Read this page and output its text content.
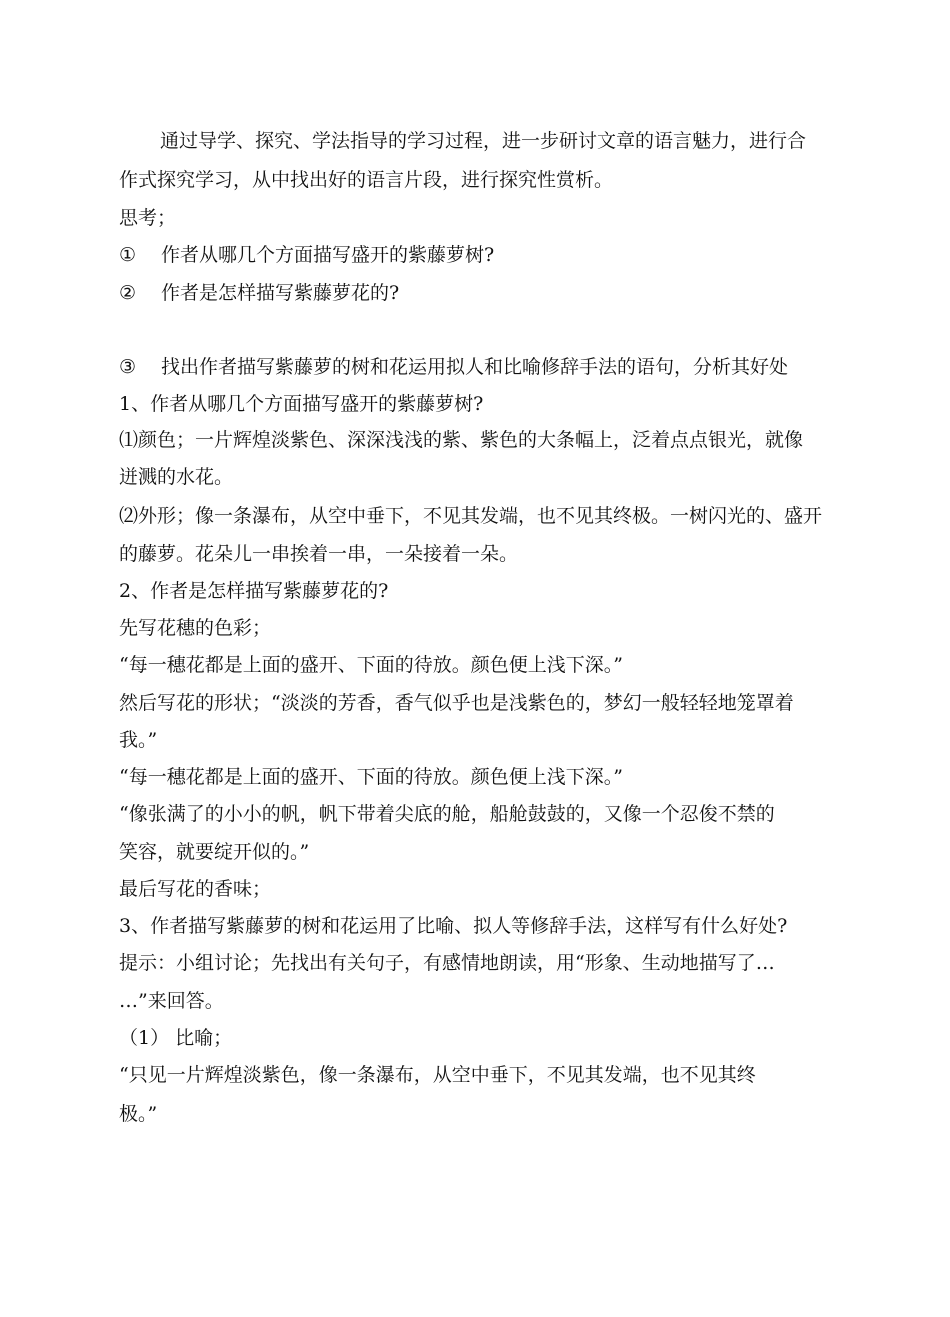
通过导学、探究、学法指导的学习过程，进一步研讨文章的语言魅力，进行合
作式探究学习，从中找出好的语言片段，进行探究性赏析。
思考；
① 作者从哪几个方面描写盛开的紫藤萝树?
② 作者是怎样描写紫藤萝花的?
③ 找出作者描写紫藤萝的树和花运用拟人和比喻修辞手法的语句，分析其好处
1、作者从哪几个方面描写盛开的紫藤萝树?
⑴颜色；一片辉煌淡紫色、深深浅浅的紫、紫色的大条幅上，泛着点点银光，就像
迸溅的水花。
⑵外形；像一条瀑布，从空中垂下，不见其发端，也不见其终极。一树闪光的、盛开
的藤萝。花朵儿一串挨着一串，一朵接着一朵。
2、作者是怎样描写紫藤萝花的?
先写花穗的色彩；
“每一穗花都是上面的盛开、下面的待放。颜色便上浅下深。”
然后写花的形状；“淡淡的芳香，香气似乎也是浅紫色的，梦幻一般轻轻地笼罩着
我。”
“每一穗花都是上面的盛开、下面的待放。颜色便上浅下深。”
“像张满了的小小的帆，帆下带着尖底的舱，船舱鼓鼓的，又像一个忍俊不禁的
笑容，就要绽开似的。”
最后写花的香味；
3、作者描写紫藤萝的树和花运用了比喻、拟人等修辞手法，这样写有什么好处?
提示：小组讨论；先找出有关句子，有感情地朗读，用“形象、生动地描写了…
…”来回答。
（1） 比喻；
“只见一片辉煌淡紫色，像一条瀑布，从空中垂下，不见其发端，也不见其终
极。”
